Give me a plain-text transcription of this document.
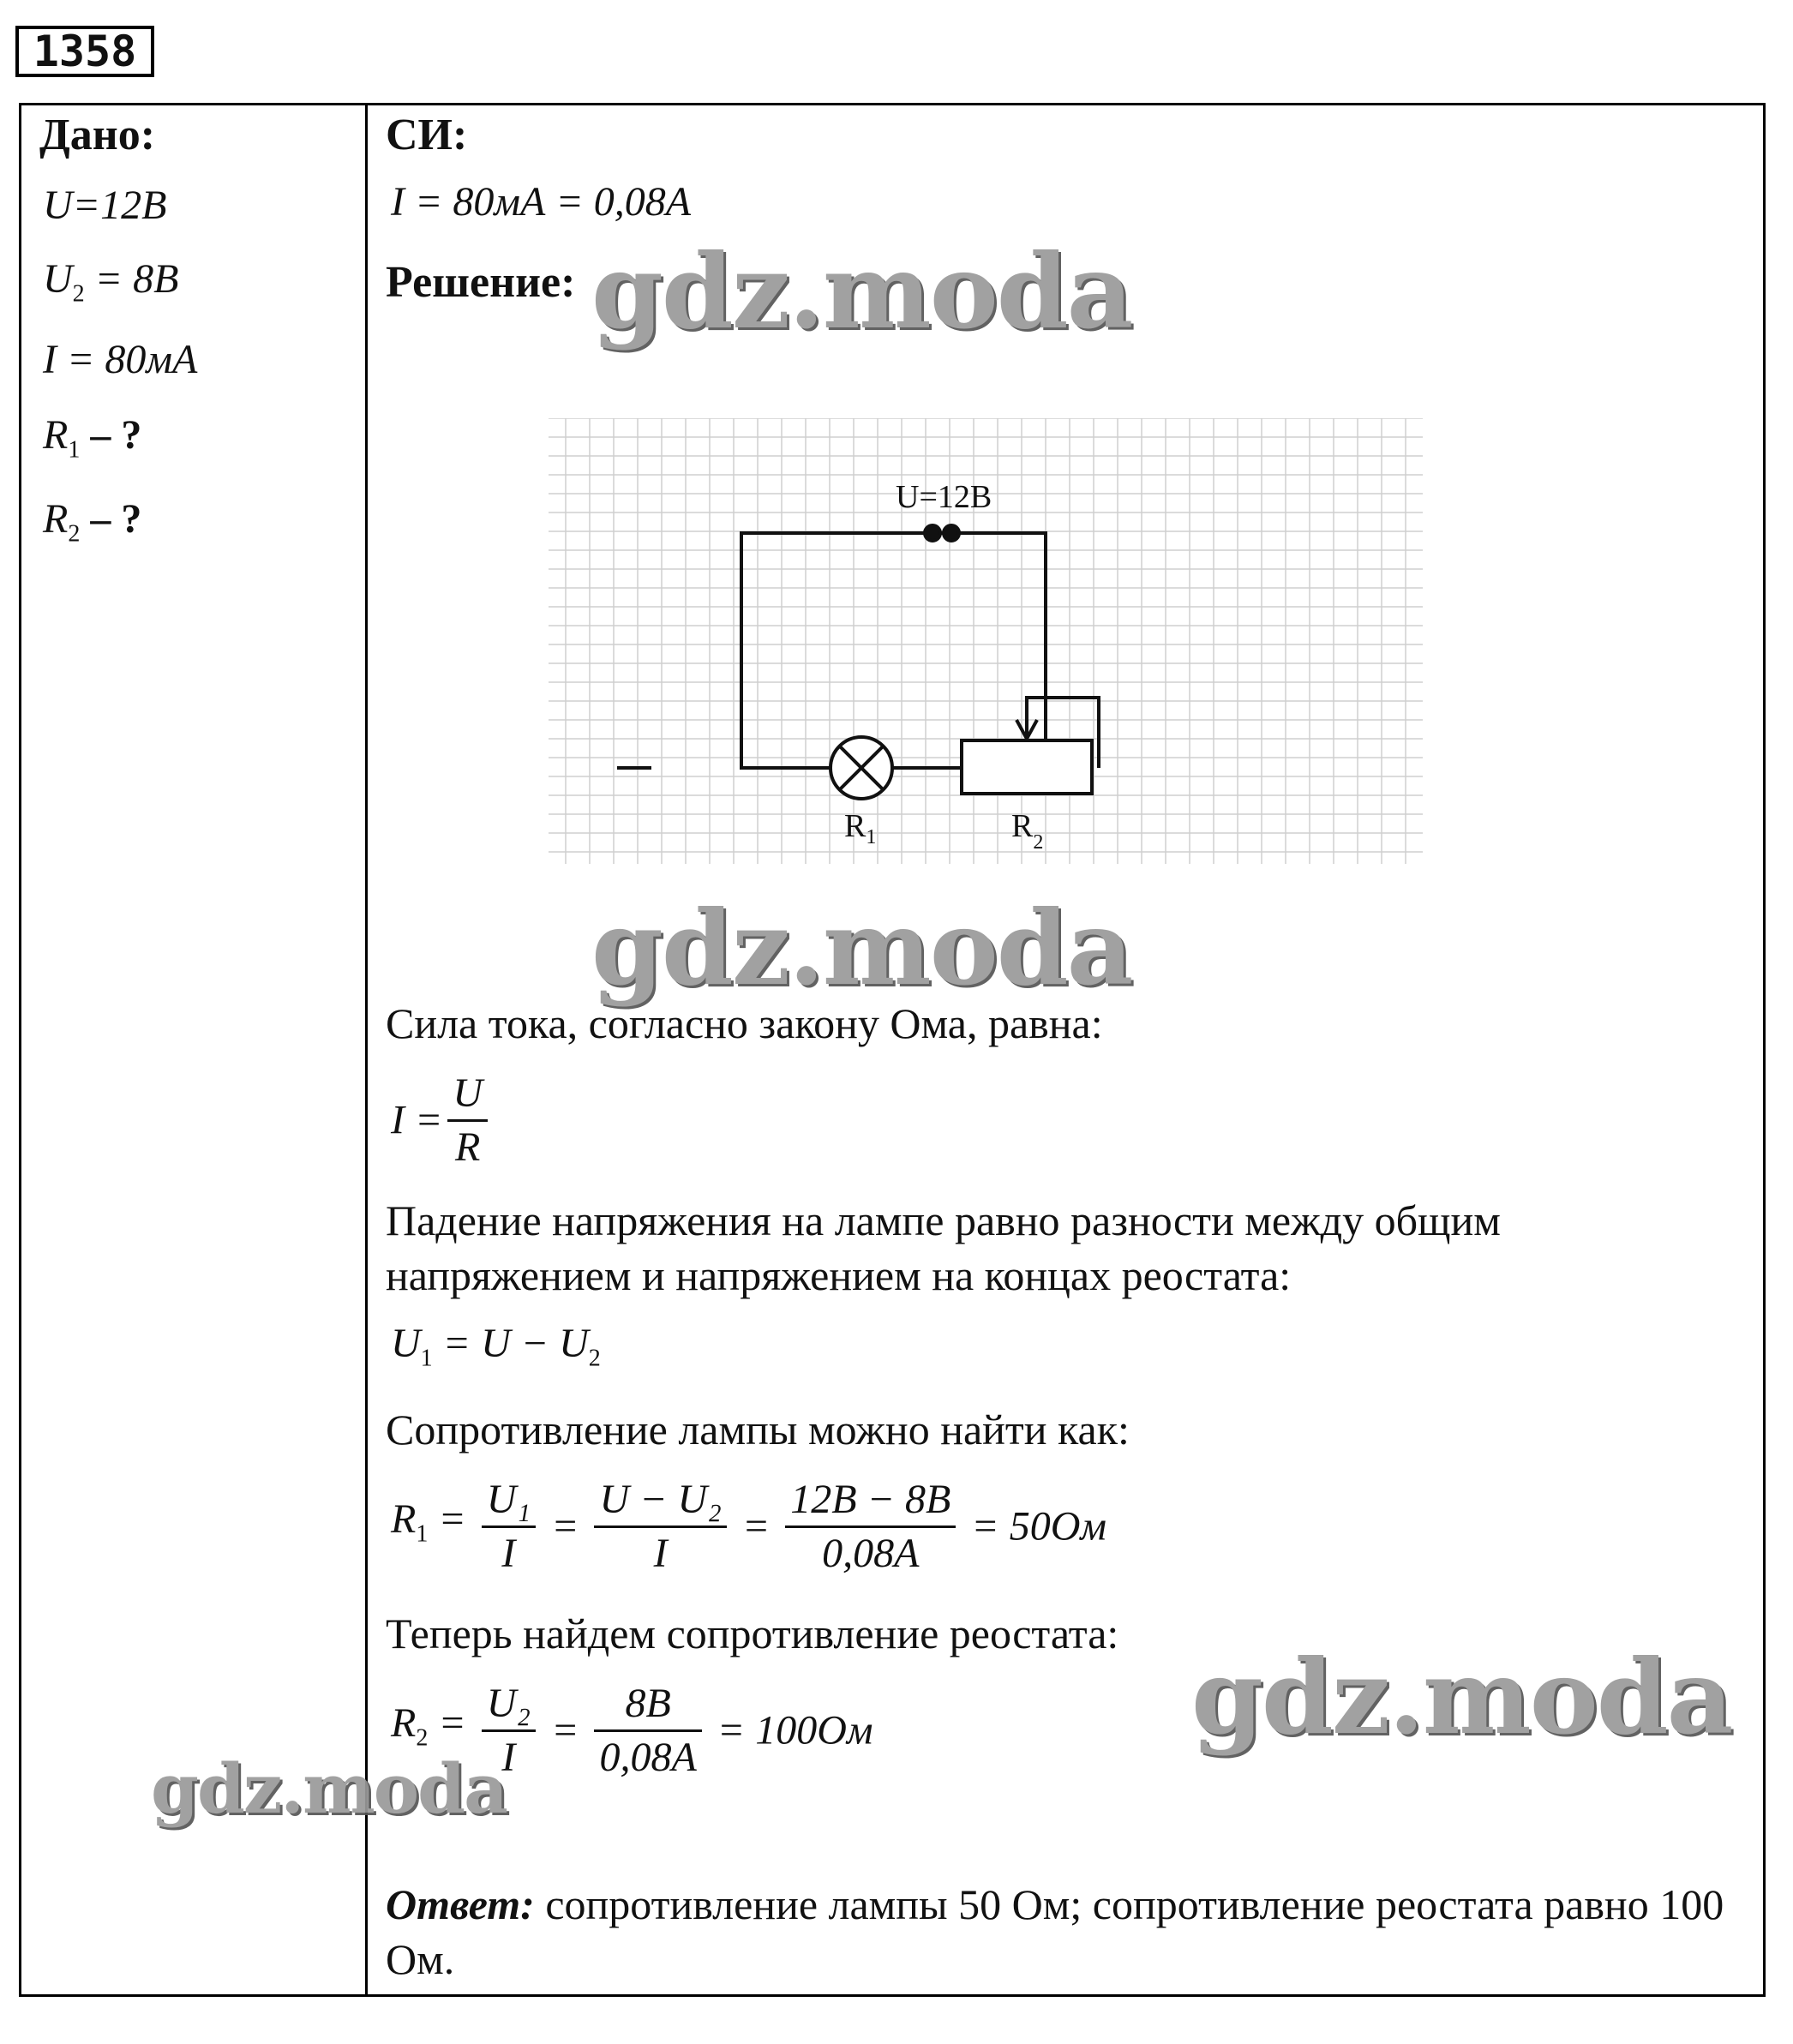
1358
Дано:
U=12B
$U_2 = 8B$
I = 80мА
$R_1$ – ?
$R_2$ – ?
СИ:
I = 80мА = 0,08A
Решение:
U=12B
$R_1$	$R_2$
Сила тока, согласно закону Ома, равна:
$I = \frac{U}{R}$
Падение напряжения на лампе равно разности между общим напряжением и напряжением на концах реостата:
$U_1 = U - U_2$
Сопротивление лампы можно найти как:
$R_1 = \frac{\text{U₁}}{I} = \frac{\text{U − U₂}}{I} = \frac{12B - 8B}{0,08A} = 50Ом$
Теперь найдем сопротивление реостата:
$R_2 = \frac{\text{U₂}}{I} = \frac{8B}{0,08A} = 100Ом$
Ответ: сопротивление лампы 50 Ом; сопротивление реостата равно 100 Ом.
gdz.moda
gdz.moda
gdz.moda
gdz.moda
